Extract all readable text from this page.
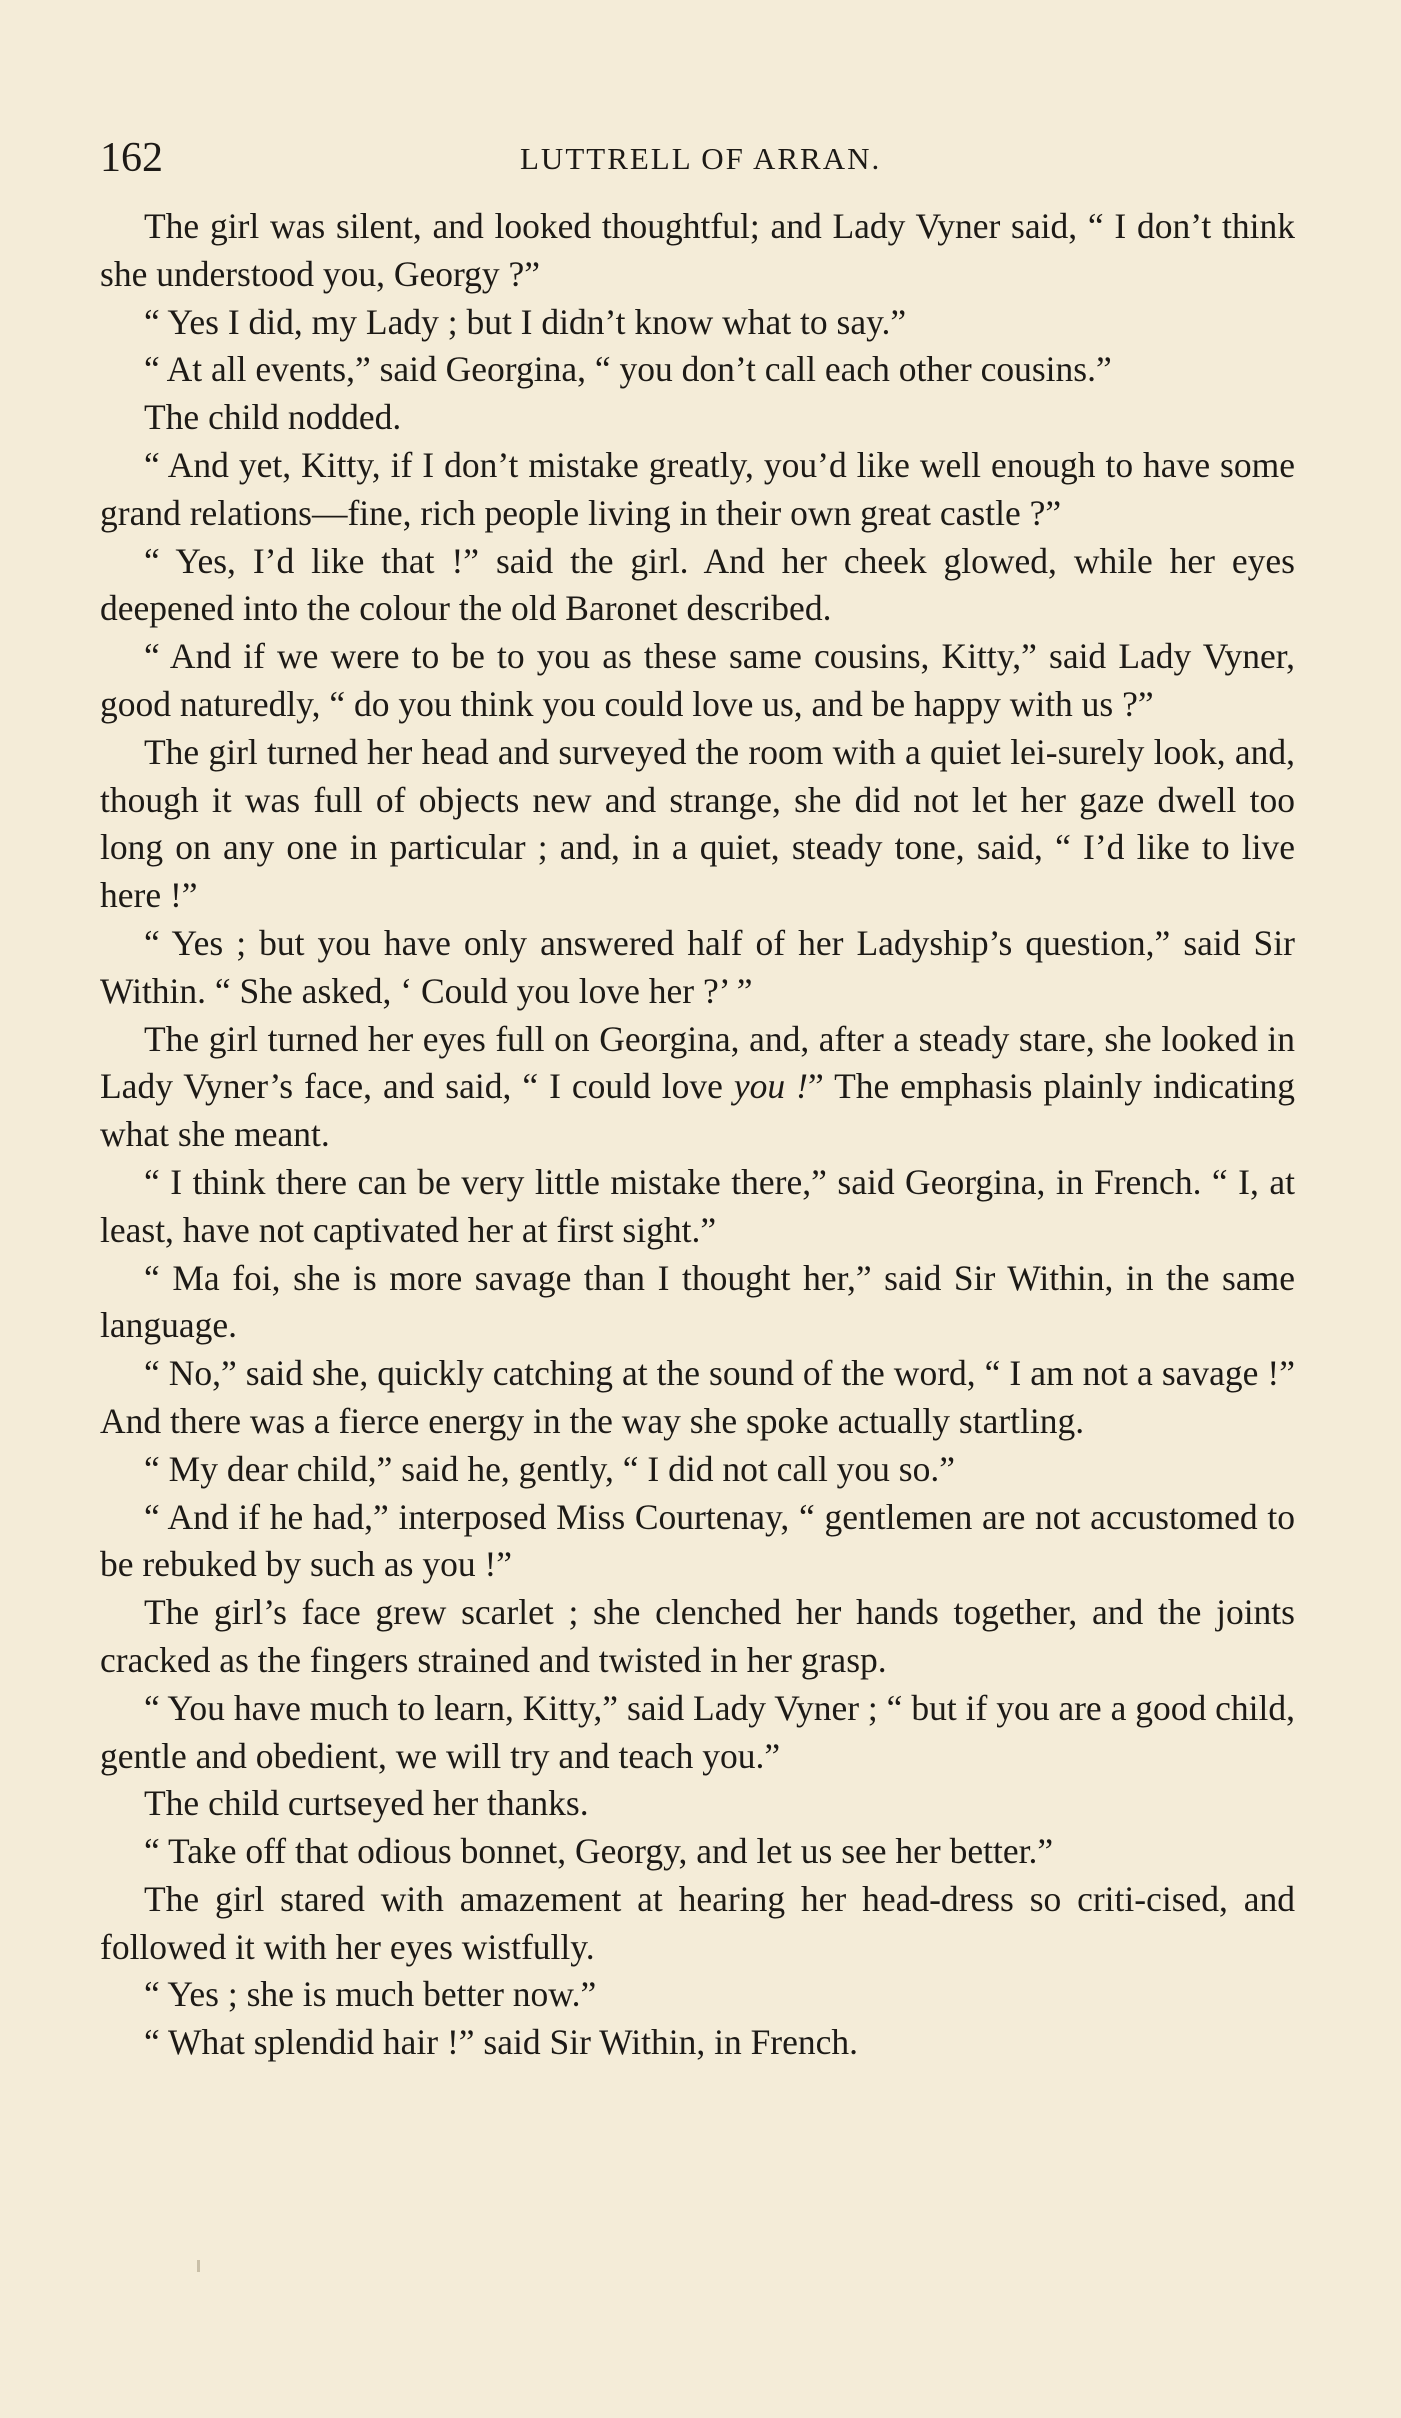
162	LUTTRELL OF ARRAN.

The girl was silent, and looked thoughtful; and Lady Vyner said, “ I don’t think she understood you, Georgy ?”

“ Yes I did, my Lady ; but I didn’t know what to say.”

“ At all events,” said Georgina, “ you don’t call each other cousins.”

The child nodded.

“ And yet, Kitty, if I don’t mistake greatly, you’d like well enough to have some grand relations—fine, rich people living in their own great castle ?”

“ Yes, I’d like that !” said the girl. And her cheek glowed, while her eyes deepened into the colour the old Baronet described.

“ And if we were to be to you as these same cousins, Kitty,” said Lady Vyner, good naturedly, “ do you think you could love us, and be happy with us ?”

The girl turned her head and surveyed the room with a quiet lei-surely look, and, though it was full of objects new and strange, she did not let her gaze dwell too long on any one in particular ; and, in a quiet, steady tone, said, “ I’d like to live here !”

“ Yes ; but you have only answered half of her Ladyship’s question,” said Sir Within. “ She asked, ‘ Could you love her ?’ ”

The girl turned her eyes full on Georgina, and, after a steady stare, she looked in Lady Vyner’s face, and said, “ I could love you !” The emphasis plainly indicating what she meant.

“ I think there can be very little mistake there,” said Georgina, in French. “ I, at least, have not captivated her at first sight.”

“ Ma foi, she is more savage than I thought her,” said Sir Within, in the same language.

“ No,” said she, quickly catching at the sound of the word, “ I am not a savage !” And there was a fierce energy in the way she spoke actually startling.

“ My dear child,” said he, gently, “ I did not call you so.”

“ And if he had,” interposed Miss Courtenay, “ gentlemen are not accustomed to be rebuked by such as you !”

The girl’s face grew scarlet ; she clenched her hands together, and the joints cracked as the fingers strained and twisted in her grasp.

“ You have much to learn, Kitty,” said Lady Vyner ; “ but if you are a good child, gentle and obedient, we will try and teach you.”

The child curtseyed her thanks.

“ Take off that odious bonnet, Georgy, and let us see her better.”

The girl stared with amazement at hearing her head-dress so criti-cised, and followed it with her eyes wistfully.

“ Yes ; she is much better now.”

“ What splendid hair !” said Sir Within, in French.
